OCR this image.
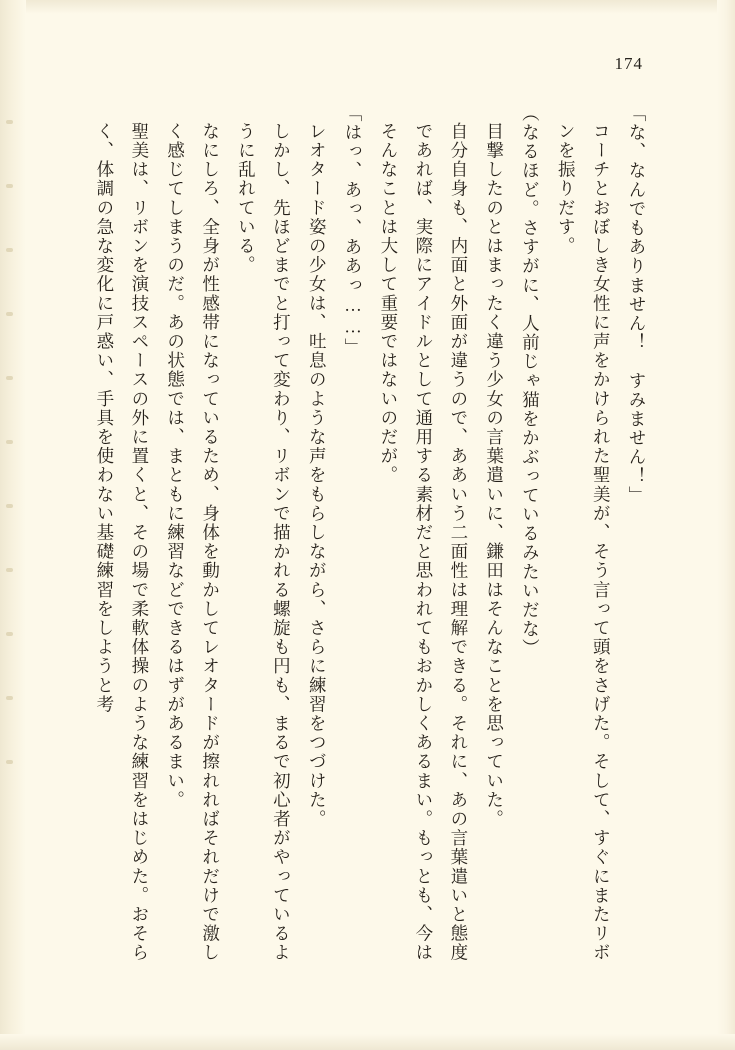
174

「な、なんでもありません！　すみません！」

コーチとおぼしき女性に声をかけられた聖美が、そう言って頭をさげた。そして、すぐにまたリボンを振りだす。

（なるほど。さすがに、人前じゃ猫をかぶっているみたいだな）

目撃したのとはまったく違う少女の言葉遣いに、鎌田はそんなことを思っていた。

自分自身も、内面と外面が違うので、ああいう二面性は理解できる。それに、あの言葉遣いと態度であれば、実際にアイドルとして通用する素材だと思われてもおかしくあるまい。もっとも、今はそんなことは大して重要ではないのだが。

「はっ、あっ、ああっ……」

レオタード姿の少女は、吐息のような声をもらしながら、さらに練習をつづけた。

しかし、先ほどまでと打って変わり、リボンで描かれる螺旋も円も、まるで初心者がやっているように乱れている。

なにしろ、全身が性感帯になっているため、身体を動かしてレオタードが擦れればそれだけで激しく感じてしまうのだ。あの状態では、まともに練習などできるはずがあるまい。

聖美は、リボンを演技スペースの外に置くと、その場で柔軟体操のような練習をはじめた。おそらく、体調の急な変化に戸惑い、手具を使わない基礎練習をしようと考
